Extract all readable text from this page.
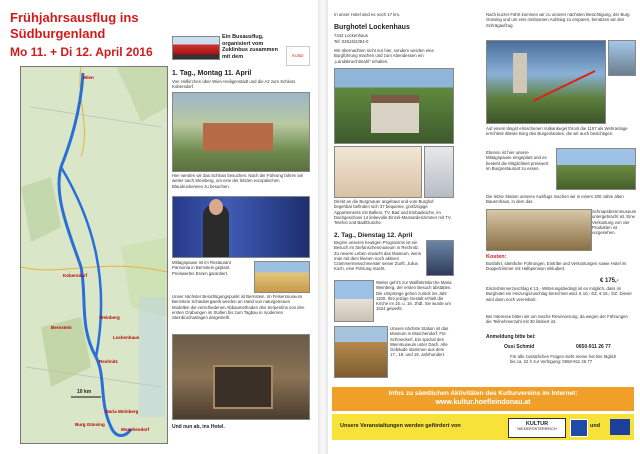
Frühjahrsausflug ins
Südburgenland
Mo 11. + Di 12. April 2016
Ein Busausflug, organisiert vom Zuklinbus zusammen mit dem	Kultur
Wien
Kobersdorf
Steinberg
Bernstein
Lockenhaus
Rechnitz
Burg Güssing
Maria Weinberg
Moschendorf
10 km
1. Tag., Montag 11. April
Von Hofkirchen über Wien-Heiligenstadt und die A2 zum Schloss Kobersdorf.
Hier werden wir das Schloss besuchen. Nach der Führung fahren wir weiter nach Steinberg, um eine der letzten europäischen Blaudruckereien zu besuchen.
Mittagspause ist im Restaurant Pannonia in Bernstein geplant. Preiswertes Essen garantiert.
Unser nächster Besichtigungspunkt ist Bernstein. Im Felsenmuseum Bernstein Schaubergwerk werden an Hand von naturgetreuen Modellen die verschiedenen Abbaumethoden des Serpentins von den ersten Grabungen im Stollen bis zum Tagbau in modernen Steinbruchanlagen dargestellt.
Und nun ab, ins Hotel.
In unser Hotel sind es noch 17 km.
Burghotel Lockenhaus
7442 Lockenhaus
Tel: 02616/2394-0
Wir übernachten nicht nur hier, sondern werden eine Burgführung machen und zum Abendessen ein „Landsknechtmahl“ erhalten.
Direkt an die Burgmauer angebaut und vom Burghof begehbar befinden sich 37 bequeme, großzügige Appartements mit Balkon, TV, Bad und Einbauküche, im Dachgeschoss 14 liebevolle Einzel-Mansardenzimmer mit TV, Telefon und Bad/Dusche.
2. Tag., Dienstag 12. April
Beginn unseres heutigen Programms ist ein Besuch im Stefanschenmuseum in Rechnitz. Zu neuem Leben erwacht das Museum, wenn man mit dem kleinen noch aktiven Crammermesschmeister seiner Zunft, Julius Koch, eine Führung macht.
Weiter geht's zur Wallfahrtskirche Maria Weinberg, der ersten Besuch abstatten. Die Ursprünge gehen zurück ins Jahr 1100. Ihre jetzige Gestalt erhielt die Kirche im 15. u. 16. Jhdt. Sie wurde um 1524 geweiht.
Unsere nächste Station ist das Museum in Moschendorf. Für Schmeckerl, Ein spezial des Weinmuseum unter Dach. Alle Gebäude stammen aus dem 17., 18. und 19. Jahrhundert.
Nach kurzer Fahrt kommen wir zu unserer nächsten Besichtigung, der Burg Güssing und um eins mühsamen Aufstieg zu ersparen, benützen wir den Schrägaufzug.
Auf einem längst erloschenen Vulkankegel thront die 1157 als Wehranlage errichtete älteste Burg des Burgenlandes, die wir auch besichtigen.
Ebenso ist hier unsere Mittagspause eingeplant und es besteht die Möglichkeit preiswert im Burgrestaurant zu essen.
Die letzte Station unseres Ausflugs machen wir in einem 200 Jahre alten Bauernhaus, in dem das
Schnapsbrennmuseum untergebracht ist. Eine Verkostung von vier Produkten ist vorgesehen.
Kosten:
Busfahrt, sämtliche Führungen, Eintritte und Verkostungen sowie Hotel im Doppelzimmer mit Halbpension inkludiert.
€ 175,-
Einzelzimmerzuschlag € 13,- Witterungsbedingt ist es möglich, dass im Burghotel ein Heizungszuschlag berechnet wird. € 10,- EZ, € 15,- DZ. Dieser wird dann noch vereinbart.
Bei Interesse bitten wir um rasche Reservierung, da wegen der Führungen die Teilnehmerzahl mit 30 limitiert ist.
Anmeldung bitte bei:
Ossi Schmid	0650-911 26 77
Für alle zusätzlichen Fragen steht meine hot-line täglich bis ca. 22 h zur Verfügung: 0650-911 26 77
Infos zu sämtlichen Aktivitäten des Kulturvereins im Internet:
www.kultur.hoefleindonau.at
Unsere Veranstaltungen werden gefördert von	KULTUR
NIEDERÖSTERREICH	und
